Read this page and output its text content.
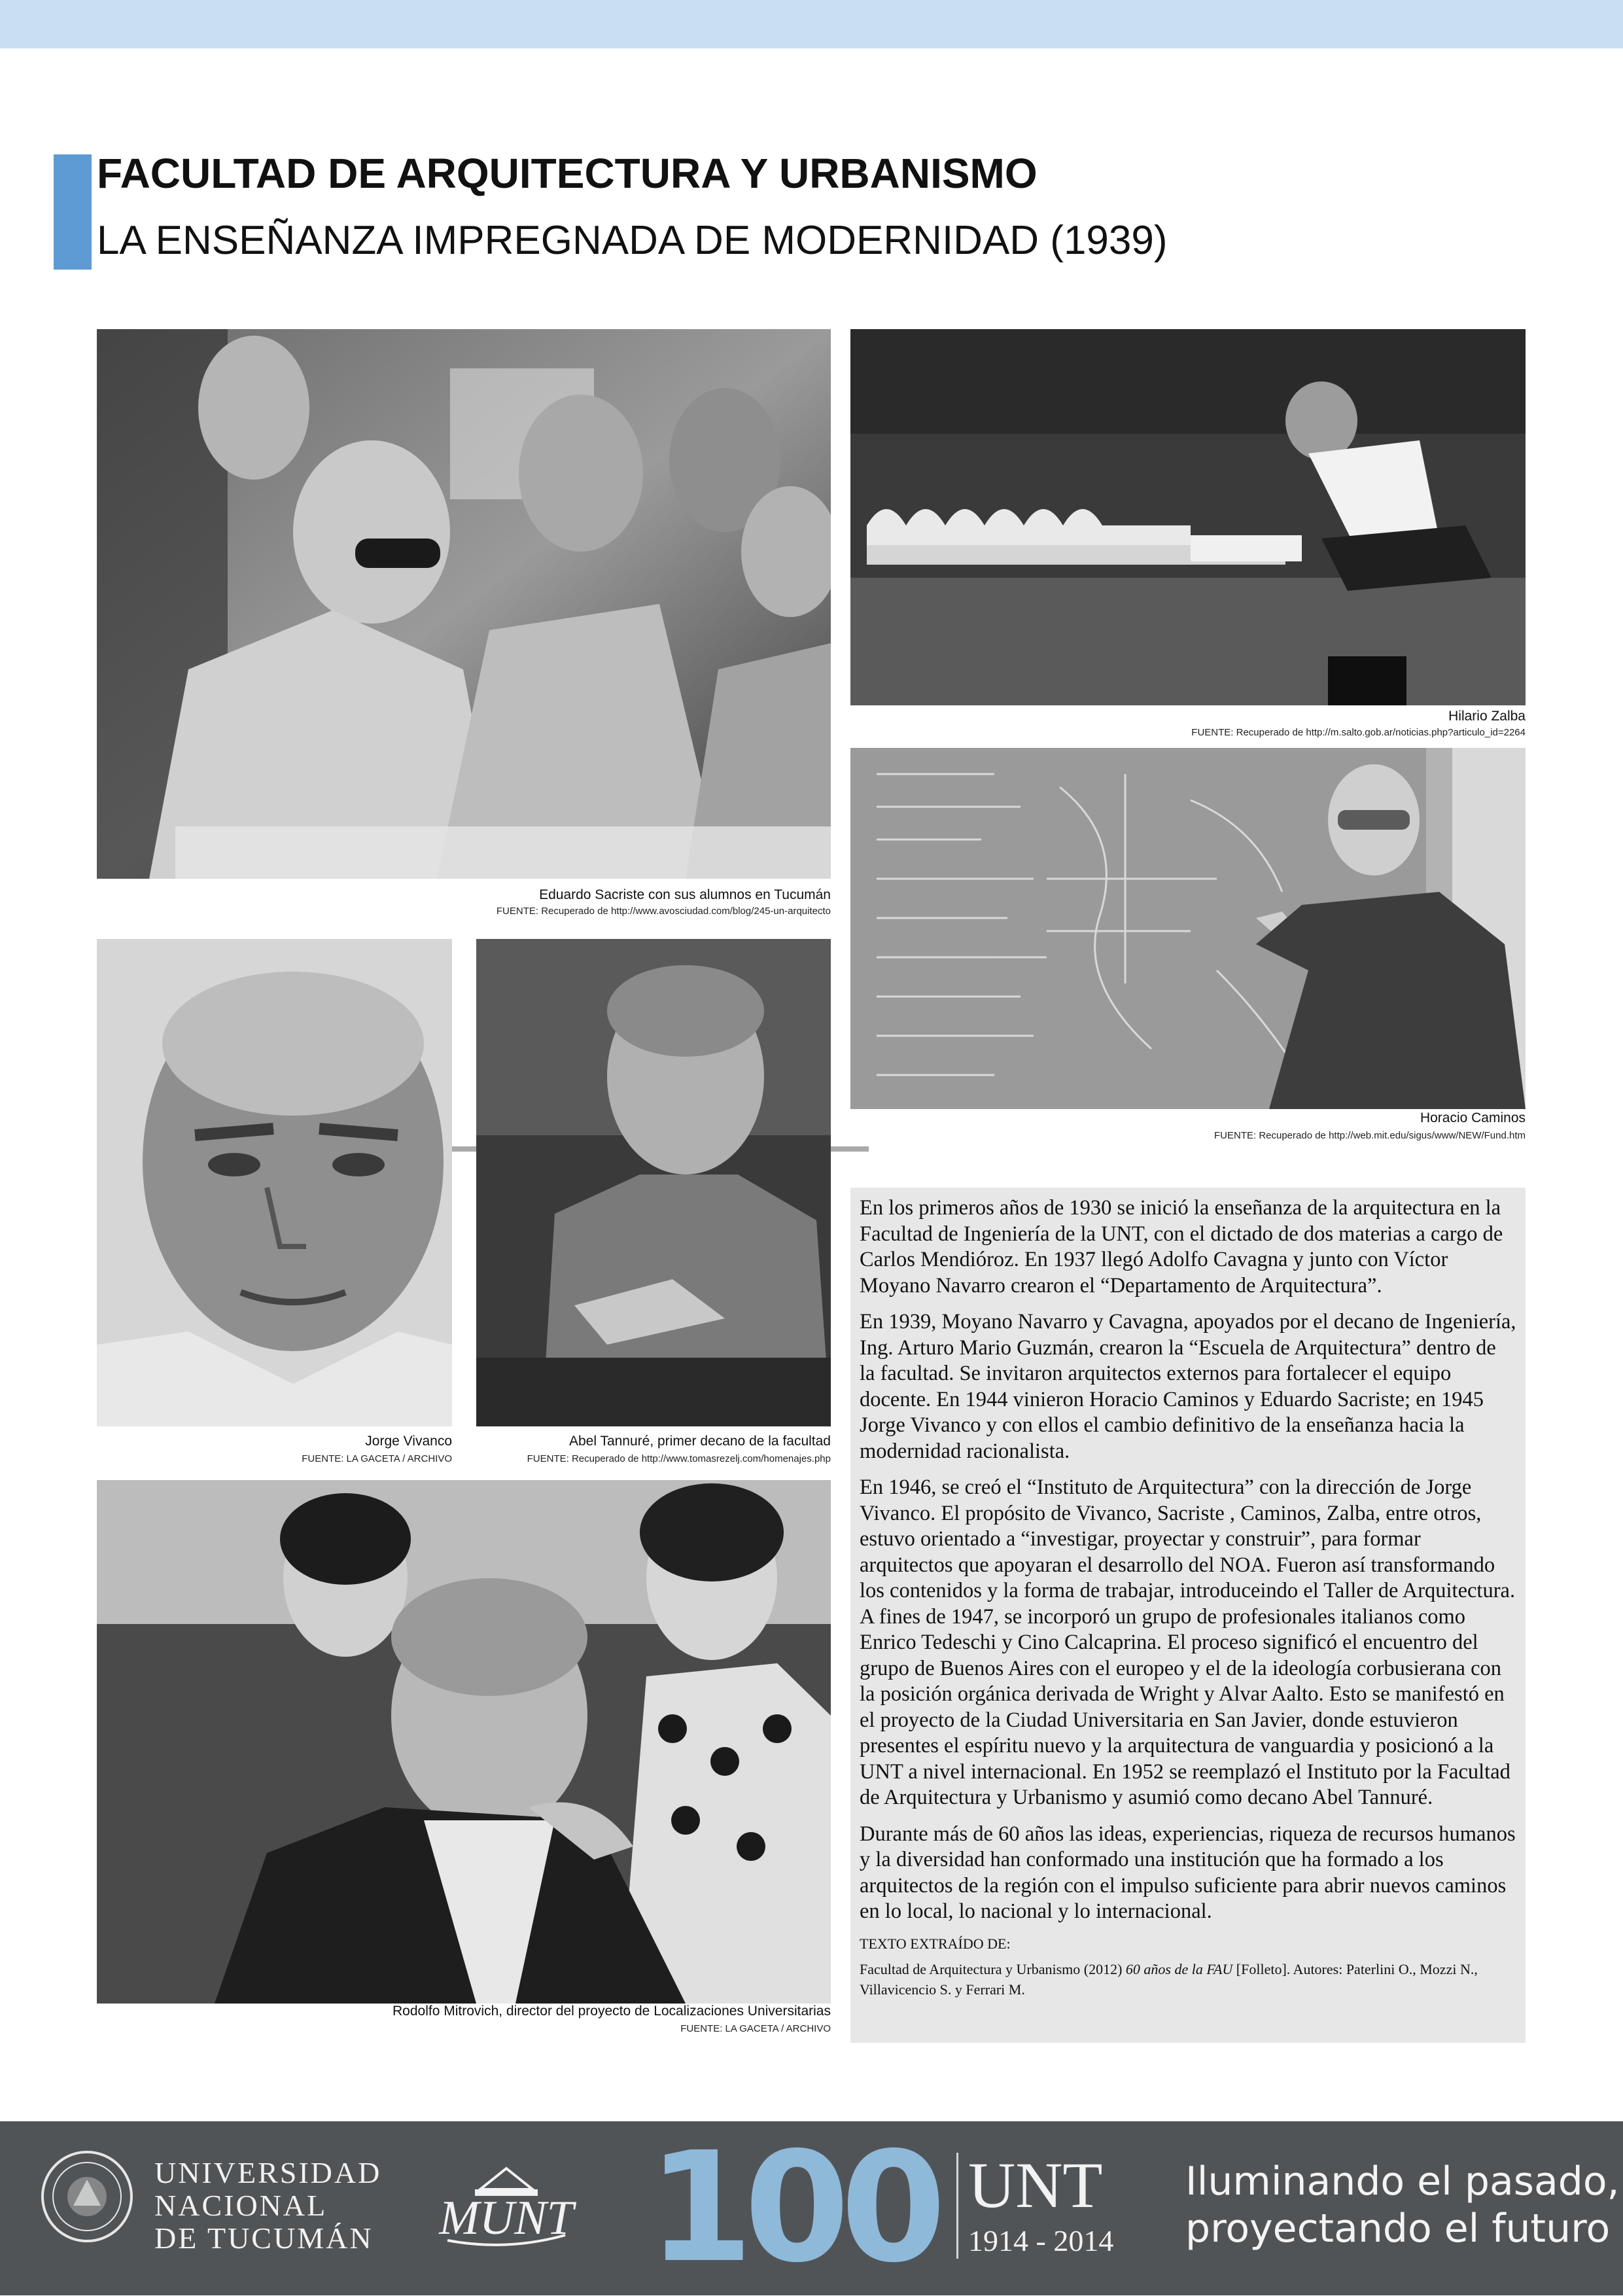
FACULTAD DE ARQUITECTURA Y URBANISMO
LA ENSEÑANZA IMPREGNADA DE MODERNIDAD (1939)
Eduardo Sacriste con sus alumnos en Tucumán
FUENTE: Recuperado de http://www.avosciudad.com/blog/245-un-arquitecto
Hilario Zalba
FUENTE: Recuperado de http://m.salto.gob.ar/noticias.php?articulo_id=2264
Horacio Caminos
FUENTE: Recuperado de http://web.mit.edu/sigus/www/NEW/Fund.htm
Jorge Vivanco
FUENTE: LA GACETA / ARCHIVO
Abel Tannuré, primer decano de la facultad
FUENTE: Recuperado de http://www.tomasrezelj.com/homenajes.php
Rodolfo Mitrovich, director del proyecto de Localizaciones Universitarias
FUENTE: LA GACETA / ARCHIVO

En los primeros años de 1930 se inició la enseñanza de la arquitectura en la Facultad de Ingeniería de la UNT, con el dictado de dos materias a cargo de Carlos Mendióroz. En 1937 llegó Adolfo Cavagna y junto con Víctor Moyano Navarro crearon el “Departamento de Arquitectura”.

En 1939, Moyano Navarro y Cavagna, apoyados por el decano de Ingeniería, Ing. Arturo Mario Guzmán, crearon la “Escuela de Arquitectura” dentro de la facultad. Se invitaron arquitectos externos para fortalecer el equipo docente. En 1944 vinieron Horacio Caminos y Eduardo Sacriste; en 1945 Jorge Vivanco y con ellos el cambio definitivo de la enseñanza hacia la modernidad racionalista.

En 1946, se creó el “Instituto de Arquitectura” con la dirección de Jorge Vivanco. El propósito de Vivanco, Sacriste , Caminos, Zalba, entre otros, estuvo orientado a “investigar, proyectar y construir”, para formar arquitectos que apoyaran el desarrollo del NOA. Fueron así transformando los contenidos y la forma de trabajar, introduceindo el Taller de Arquitectura. A fines de 1947, se incorporó un grupo de profesionales italianos como Enrico Tedeschi y Cino Calcaprina. El proceso significó el encuentro del grupo de Buenos Aires con el europeo y el de la ideología corbusierana con la posición orgánica derivada de Wright y Alvar Aalto. Esto se manifestó en el proyecto de la Ciudad Universitaria en San Javier, donde estuvieron presentes el espíritu nuevo y la arquitectura de vanguardia y posicionó a la UNT a nivel internacional. En 1952 se reemplazó el Instituto por la Facultad de Arquitectura y Urbanismo y asumió como decano Abel Tannuré.

Durante más de 60 años las ideas, experiencias, riqueza de recursos humanos y la diversidad han conformado una institución que ha formado a los arquitectos de la región con el impulso suficiente para abrir nuevos caminos en lo local, lo nacional y lo internacional.

TEXTO EXTRAÍDO DE:
Facultad de Arquitectura y Urbanismo (2012) 60 años de la FAU [Folleto]. Autores: Paterlini O., Mozzi N., Villavicencio S. y Ferrari M.
UNIVERSIDAD
NACIONAL
DE TUCUMÁN MUNT 100 UNT
1914 - 2014
Iluminando el pasado,
proyectando el futuro
